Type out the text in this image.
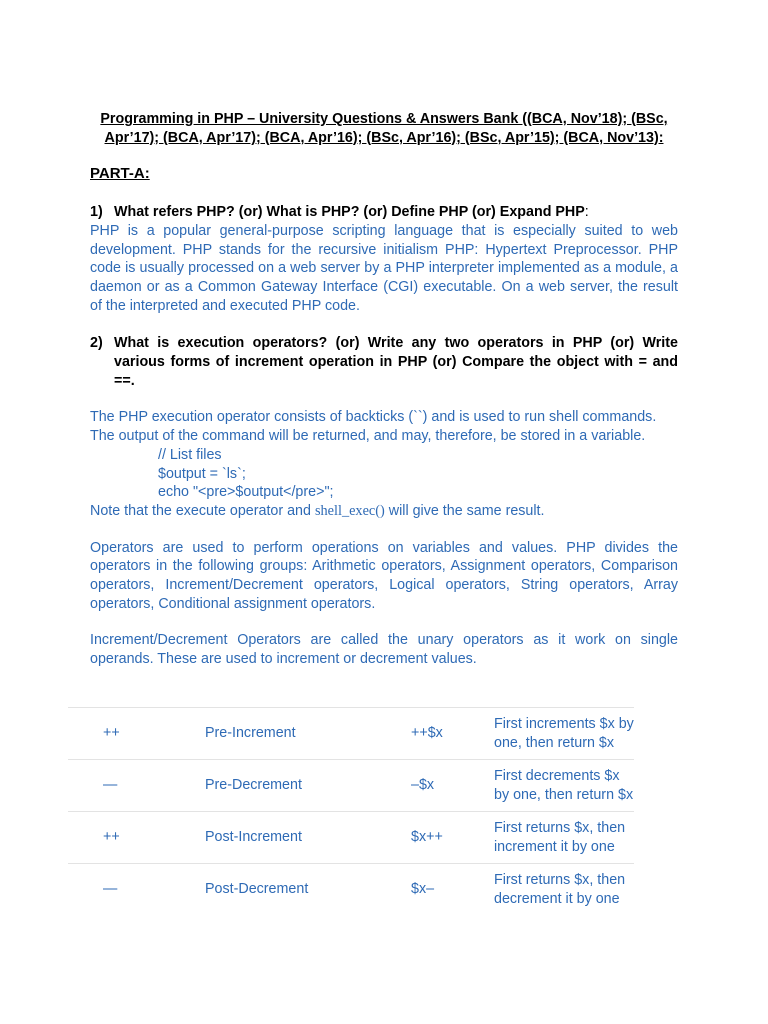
Programming in PHP – University Questions & Answers Bank ((BCA, Nov’18); (BSc, Apr’17); (BCA, Apr’17); (BCA, Apr’16); (BSc, Apr’16); (BSc, Apr’15); (BCA, Nov’13):

PART-A:
1) What refers PHP? (or) What is PHP? (or) Define PHP (or) Expand PHP:
PHP is a popular general-purpose scripting language that is especially suited to web development. PHP stands for the recursive initialism PHP: Hypertext Preprocessor. PHP code is usually processed on a web server by a PHP interpreter implemented as a module, a daemon or as a Common Gateway Interface (CGI) executable. On a web server, the result of the interpreted and executed PHP code.
2) What is execution operators? (or) Write any two operators in PHP (or) Write various forms of increment operation in PHP (or) Compare the object with = and ==.
The PHP execution operator consists of backticks (``) and is used to run shell commands. The output of the command will be returned, and may, therefore, be stored in a variable.
// List files
$output = `ls`;
echo "<pre>$output</pre>";
Note that the execute operator and shell_exec() will give the same result.
Operators are used to perform operations on variables and values. PHP divides the operators in the following groups: Arithmetic operators, Assignment operators, Comparison operators, Increment/Decrement operators, Logical operators, String operators, Array operators, Conditional assignment operators.
Increment/Decrement Operators are called the unary operators as it work on single operands. These are used to increment or decrement values.
++	Pre-Increment	++$x	First increments $x by one, then return $x
—	Pre-Decrement	–$x	First decrements $x by one, then return $x
++	Post-Increment	$x++	First returns $x, then increment it by one
—	Post-Decrement	$x–	First returns $x, then decrement it by one
